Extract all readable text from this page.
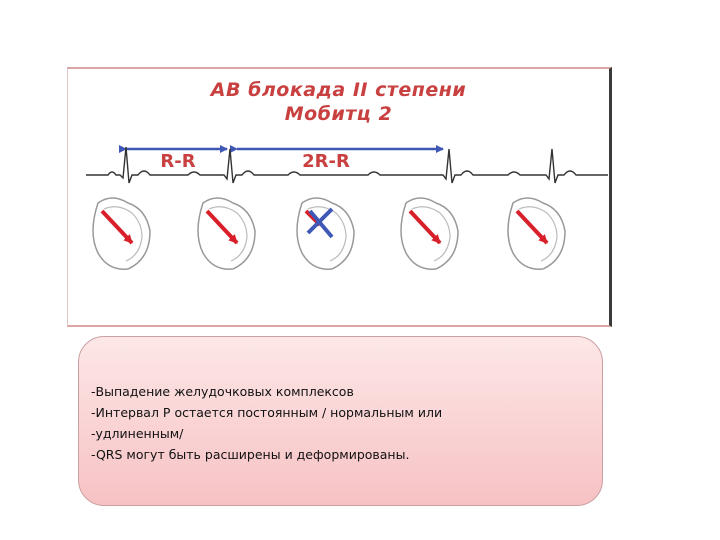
R-R	2R-R
АВ блокада II степени
Мобитц 2
-Выпадение желудочковых комплексов
-Интервал P остается постоянным / нормальным или
-удлиненным/
-QRS могут быть расширены и деформированы.
